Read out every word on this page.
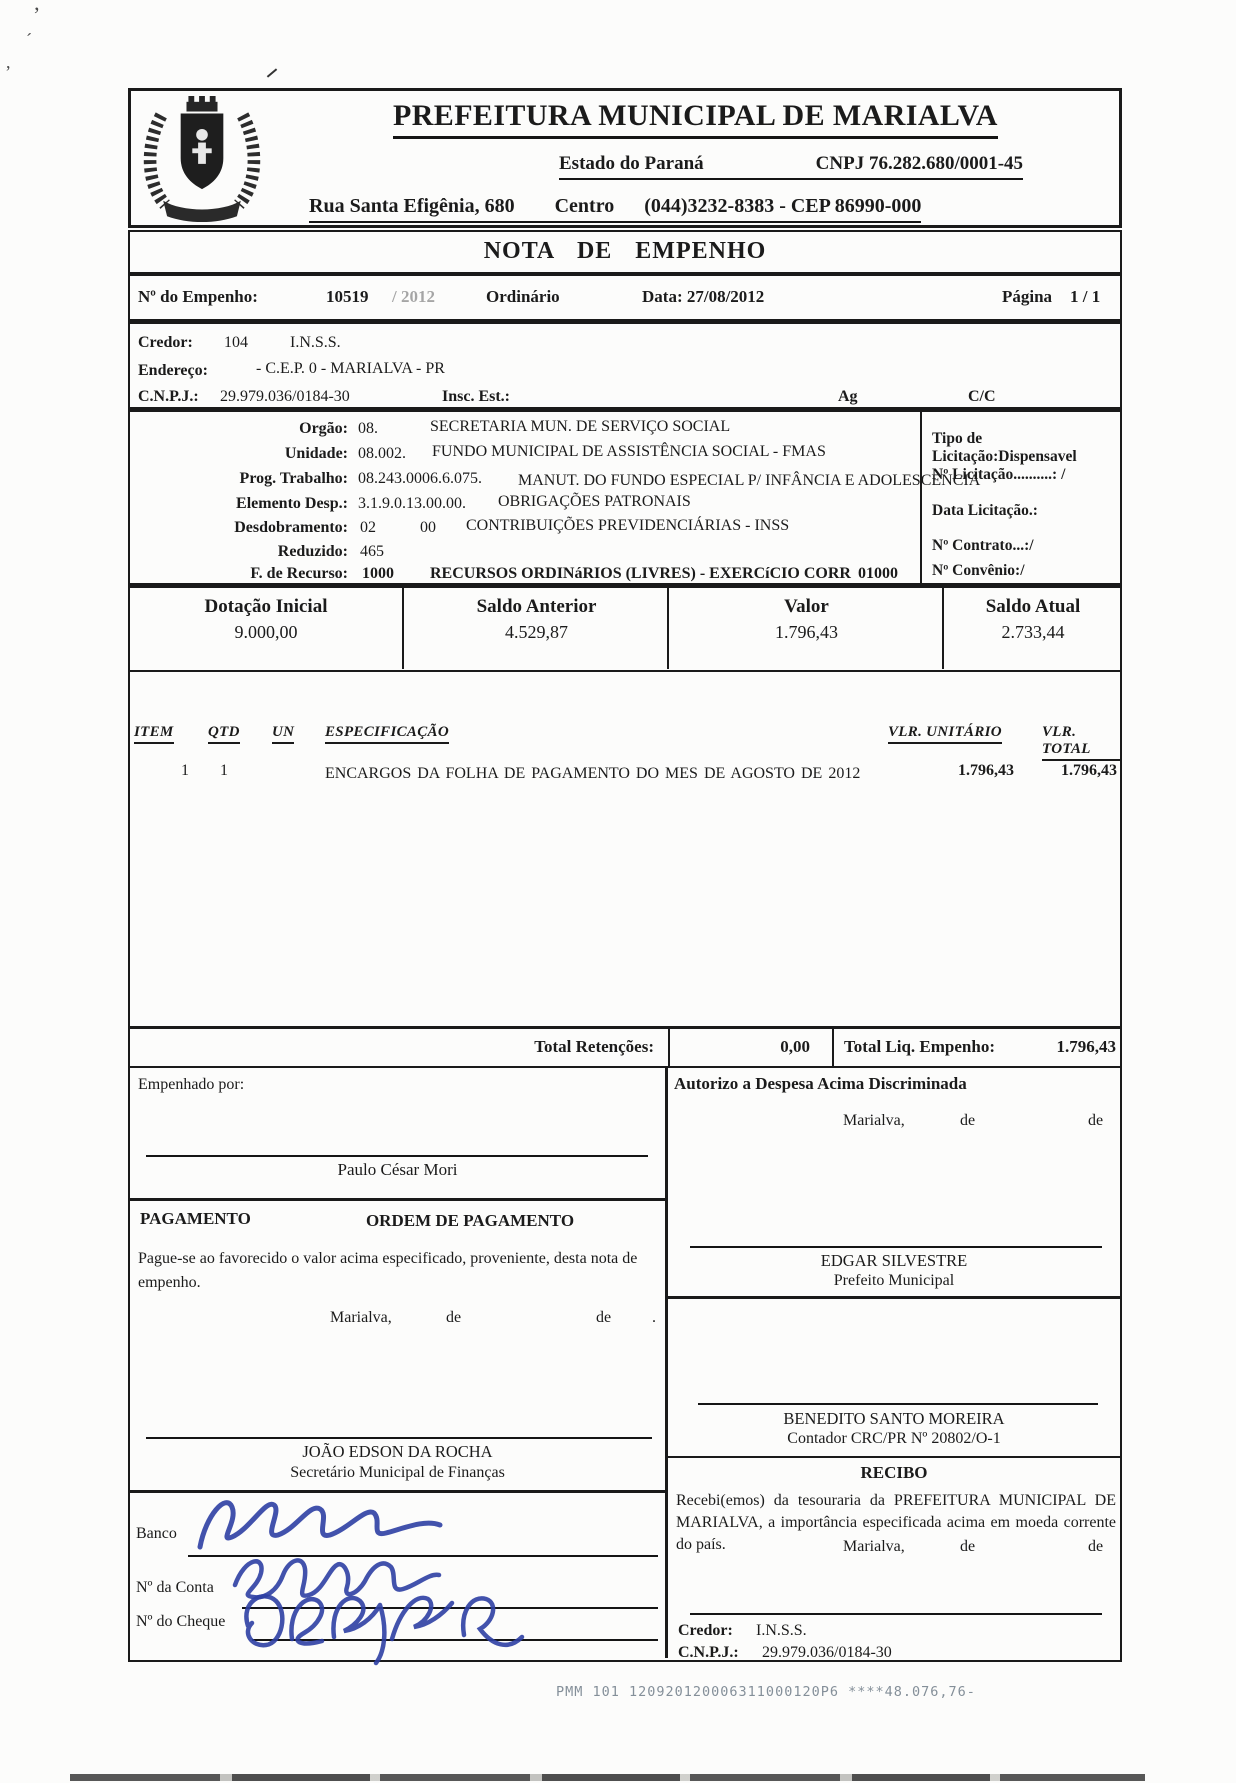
’
´
,
PREFEITURA MUNICIPAL DE MARIALVA
Estado do Paraná	CNPJ 76.282.680/0001-45
Rua Santa Efigênia, 680 Centro (044)3232-8383 - CEP 86990-000
NOTA DE EMPENHO
Nº do Empenho:	10519 / 2012	Ordinário	Data: 27/08/2012	Página 1 / 1
Credor: 104	I.N.S.S.
Endereço:	- C.E.P. 0 - MARIALVA - PR
C.N.P.J.: 29.979.036/0184-30	Insc. Est.:	Ag	C/C
Orgão: 08.	SECRETARIA MUN. DE SERVIÇO SOCIAL
Unidade: 08.002. FUNDO MUNICIPAL DE ASSISTÊNCIA SOCIAL - FMAS
Prog. Trabalho: 08.243.0006.6.075. MANUT. DO FUNDO ESPECIAL P/ INFÂNCIA E ADOLESCENCIA
Elemento Desp.: 3.1.9.0.13.00.00. OBRIGAÇÕES PATRONAIS
Desdobramento: 02	00 CONTRIBUIÇÕES PREVIDENCIÁRIAS - INSS
Reduzido: 465
F. de Recurso: 1000 RECURSOS ORDINáRIOS (LIVRES) - EXERCíCIO CORR 01000
Tipo de Licitação:Dispensavel
Nº Licitação..........: /
Data Licitação.:
Nº Contrato...:/
Nº Convênio:/
Dotação Inicial
9.000,00
Saldo Anterior
4.529,87
Valor
1.796,43
Saldo Atual
2.733,44
ITEM QTD UN ESPECIFICAÇÃO	VLR. UNITÁRIO	VLR. TOTAL
1	1	ENCARGOS DA FOLHA DE PAGAMENTO DO MES DE AGOSTO DE 2012	1.796,43	1.796,43
Total Retenções:	0,00 Total Liq. Empenho:	1.796,43
Empenhado por:
Paulo César Mori
PAGAMENTO	ORDEM DE PAGAMENTO
Pague-se ao favorecido o valor acima especificado, proveniente, desta nota de empenho.
Marialva,	de	de	.
JOÃO EDSON DA ROCHA
Secretário Municipal de Finanças
Banco
Nº da Conta
Nº do Cheque
Autorizo a Despesa Acima Discriminada
Marialva,	de	de
EDGAR SILVESTRE
Prefeito Municipal
BENEDITO SANTO MOREIRA
Contador CRC/PR Nº 20802/O-1
RECIBO
Recebi(emos) da tesouraria da PREFEITURA MUNICIPAL DE MARIALVA, a importância especificada acima em moeda corrente do país.	Marialva,	de	de
Credor: I.N.S.S.
C.N.P.J.: 29.979.036/0184-30
PMM 101 120920120006311000120P6 ****48.076,76-
